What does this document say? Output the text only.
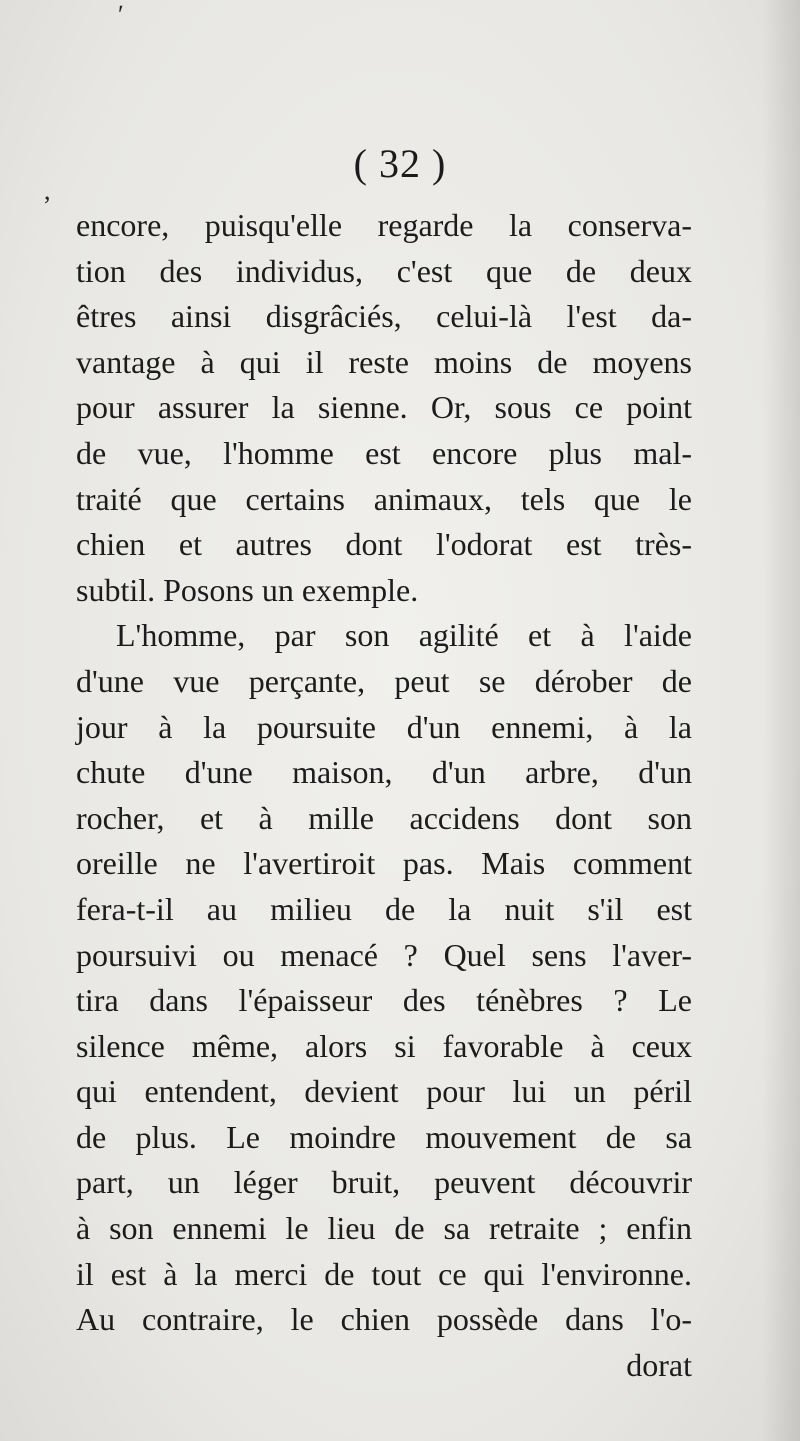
ʹ
,
( 32 )
encore, puisqu'elle regarde la conserva-
tion des individus, c'est que de deux
êtres ainsi disgrâciés, celui-là l'est da-
vantage à qui il reste moins de moyens
pour assurer la sienne. Or, sous ce point
de vue, l'homme est encore plus mal-
traité que certains animaux, tels que le
chien et autres dont l'odorat est très-
subtil. Posons un exemple.
L'homme, par son agilité et à l'aide
d'une vue perçante, peut se dérober de
jour à la poursuite d'un ennemi, à la
chute d'une maison, d'un arbre, d'un
rocher, et à mille accidens dont son
oreille ne l'avertiroit pas. Mais comment
fera-t-il au milieu de la nuit s'il est
poursuivi ou menacé ? Quel sens l'aver-
tira dans l'épaisseur des ténèbres ? Le
silence même, alors si favorable à ceux
qui entendent, devient pour lui un péril
de plus. Le moindre mouvement de sa
part, un léger bruit, peuvent découvrir
à son ennemi le lieu de sa retraite ; enfin
il est à la merci de tout ce qui l'environne.
Au contraire, le chien possède dans l'o-
dorat
